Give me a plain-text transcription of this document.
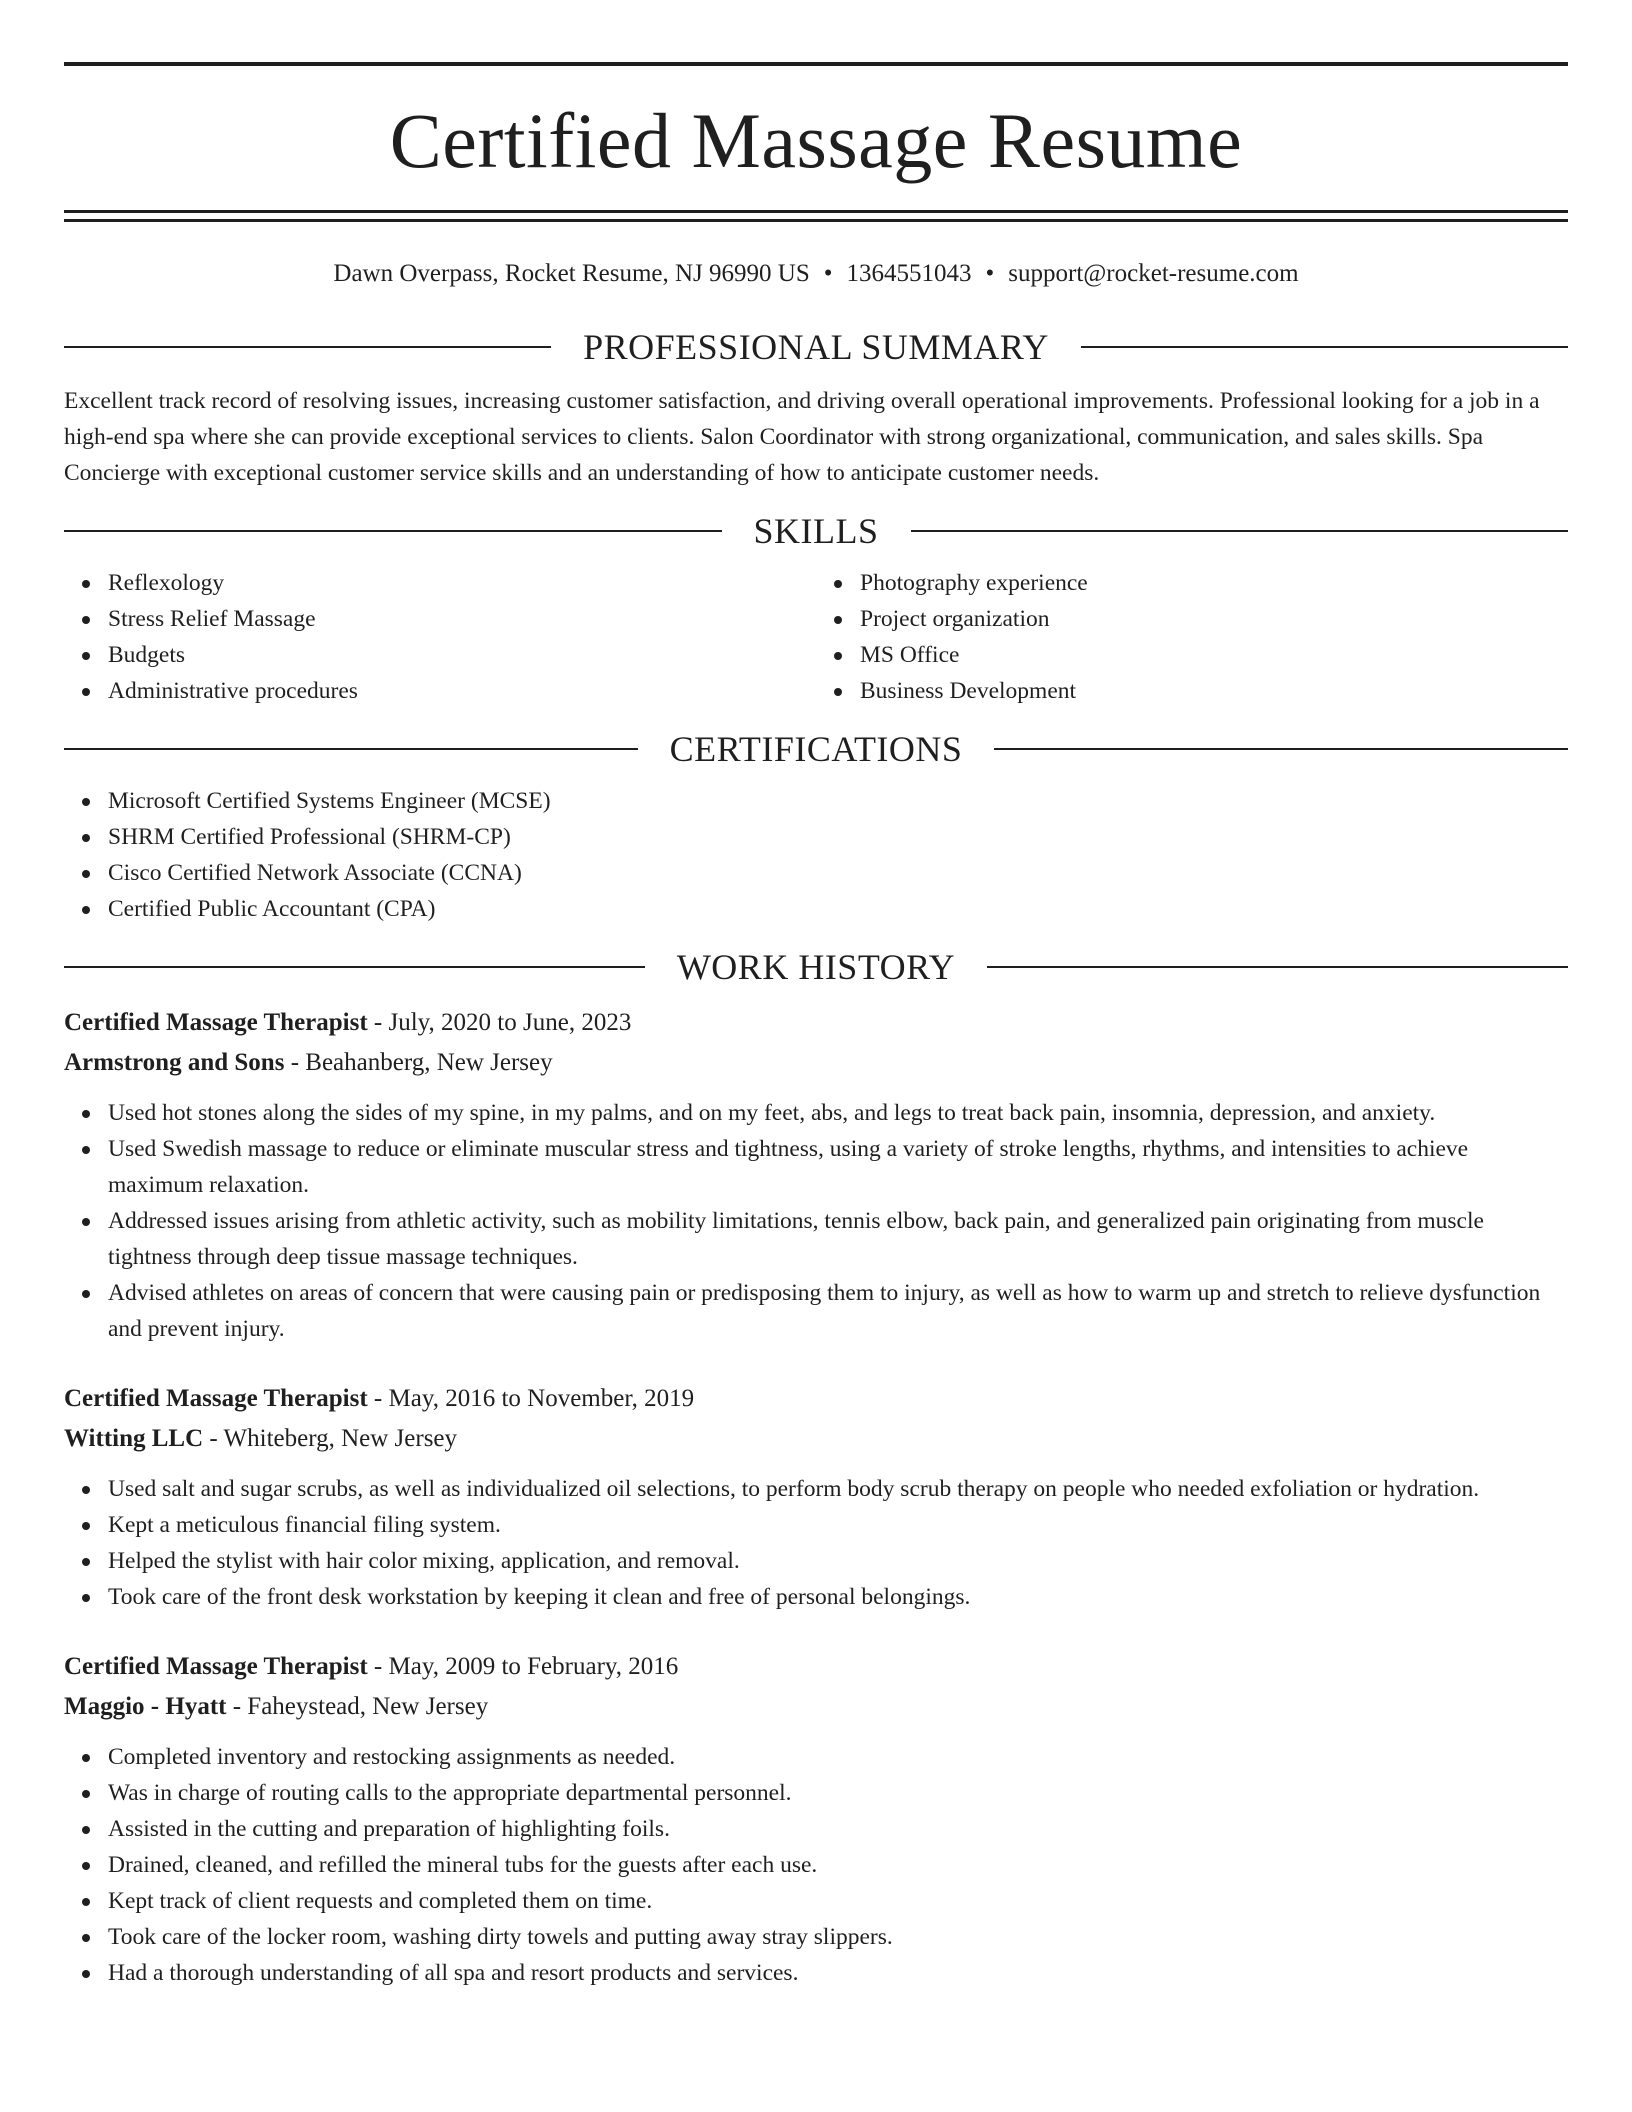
Certified Massage Resume
Dawn Overpass, Rocket Resume, NJ 96990 US • 1364551043 • support@rocket-resume.com
PROFESSIONAL SUMMARY

Excellent track record of resolving issues, increasing customer satisfaction, and driving overall operational improvements. Professional looking for a job in a high-end spa where she can provide exceptional services to clients. Salon Coordinator with strong organizational, communication, and sales skills. Spa Concierge with exceptional customer service skills and an understanding of how to anticipate customer needs.

SKILLS
Reflexology
Stress Relief Massage
Budgets
Administrative procedures
Photography experience
Project organization
MS Office
Business Development
CERTIFICATIONS
Microsoft Certified Systems Engineer (MCSE)
SHRM Certified Professional (SHRM-CP)
Cisco Certified Network Associate (CCNA)
Certified Public Accountant (CPA)
WORK HISTORY
Certified Massage Therapist - July, 2020 to June, 2023
Armstrong and Sons - Beahanberg, New Jersey
Used hot stones along the sides of my spine, in my palms, and on my feet, abs, and legs to treat back pain, insomnia, depression, and anxiety.
Used Swedish massage to reduce or eliminate muscular stress and tightness, using a variety of stroke lengths, rhythms, and intensities to achieve maximum relaxation.
Addressed issues arising from athletic activity, such as mobility limitations, tennis elbow, back pain, and generalized pain originating from muscle tightness through deep tissue massage techniques.
Advised athletes on areas of concern that were causing pain or predisposing them to injury, as well as how to warm up and stretch to relieve dysfunction and prevent injury.
Certified Massage Therapist - May, 2016 to November, 2019
Witting LLC - Whiteberg, New Jersey
Used salt and sugar scrubs, as well as individualized oil selections, to perform body scrub therapy on people who needed exfoliation or hydration.
Kept a meticulous financial filing system.
Helped the stylist with hair color mixing, application, and removal.
Took care of the front desk workstation by keeping it clean and free of personal belongings.
Certified Massage Therapist - May, 2009 to February, 2016
Maggio - Hyatt - Faheystead, New Jersey
Completed inventory and restocking assignments as needed.
Was in charge of routing calls to the appropriate departmental personnel.
Assisted in the cutting and preparation of highlighting foils.
Drained, cleaned, and refilled the mineral tubs for the guests after each use.
Kept track of client requests and completed them on time.
Took care of the locker room, washing dirty towels and putting away stray slippers.
Had a thorough understanding of all spa and resort products and services.
